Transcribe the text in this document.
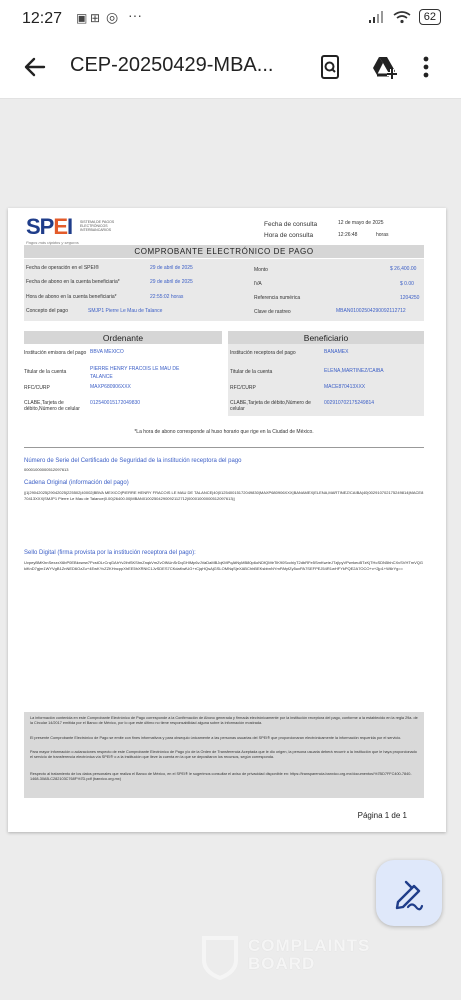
12:27 ▣ ⊞ ◎ ···	62
CEP-20250429-MBA...
SPEI SISTEMA DE PAGOS ELECTRÓNICOS INTERBANCARIOS
Pagos más rápidos y seguros
Fecha de consulta	12 de mayo de 2025
Hora de consulta	12:26:48	horas
COMPROBANTE ELECTRÓNICO DE PAGO
Fecha de operación en el SPEI®	29 de abril de 2025
Fecha de abono en la cuenta beneficiaria*	29 de abril de 2025
Hora de abono en la cuenta beneficiaria*	22:55:02 horas
Concepto del pago	SMJP1 Pierre Le Mau de Talance
Monto	$ 26,400.00
IVA	$ 0.00
Referencia numérica	1204250
Clave de rastreo	MBAN01002504290092112712
Ordenante	Beneficiario
Institución emisora del pago BBVA MEXICO
Titular de la cuenta	PIERRE HENRY FRACOIS LE MAU DE TALANCE
RFC/CURP	MAXP680906XXX
CLABE,Tarjeta de débito,Número de celular
012540015172049830
Institución receptora del pago	BANAMEX
Titular de la cuenta	ELENA,MARTINEZ/CAIBA
RFC/CURP	MACE870413XXX
CLABE,Tarjeta de débito,Número de celular
002910702175249814
*La hora de abono corresponde al huso horario que rige en la Ciudad de México.
Número de Serie del Certificado de Seguridad de la institución receptora del pago
00001000000512097613
Cadena Original (información del pago)
||1|29042025|29042025|225502|40002|BBVA MEXICO|PIERRE HENRY FRACOIS LE MAU DE TALANCE|40|012540015172049830|MAXP680906XXX|BANAMEX|ELENA,MARTINEZ/CAIBA|40|002910702175249814|MACE870413XXX|SMJP1 Pierre Le Mau de Talance|0.00|26400.00|MBAN01002504290092112712|00001000000512097613||
Sello Digital (firma provista por la institución receptora del pago):
UvpeyBMKhnSexzxX6bP0EBkxwrw7PcstOLrCrqGAhYv2ihtSKShnZnqkVmZvOlNUnSrDqGHIMp6vJVaDaMBJqKMPqAtNyMB80p6oNDfQMtrTiK90ScchiyT2dbRFe5SmKwrieJTzjlpyVPwrkeuBTzKjTHcSDN5hhCXvSVHTmVQGkiKnD7gjm1WYVgB1ZnNED6OzZu+4EwKYvZZKHncppXhEE5hXRNIC1JvSDES7CKdaKwfUG+rCjqHQsAjGSLOMNqSjeXABChhBEKsbbnNYmPAfyfZy5uxPA7SEFPEJ54R1wHFYkPQE2A7OCO+v+2jp1+W6rYg==

La información contenida en este Comprobante Electrónico de Pago corresponde a la Confirmación de Abono generada y firmada electrónicamente por la institución receptora del pago, conforme a la establecido en la regla 29a. de la Circular 14/2017 emitida por el Banco de México, por lo que este último no tiene responsabilidad alguna sobre la información mostrada.

El presente Comprobante Electrónico de Pago se emite con fines informativos y para obsequio únicamente a las personas usuarias del SPEI® que proporcionaran electrónicamente la información requerida por el servicio.

Para mayor información o aclaraciones respecto de este Comprobante Electrónico de Pago y/o de la Orden de Transferencia Aceptada que le dio origen, la persona usuaria deberá recurrir a la institución que le haya proporcionado el servicio de transferencia electrónica vía SPEI® o a la institución que lleve la cuenta en la que se depositaron los recursos, según corresponda.

Respecto al tratamiento de los datos personales que realiza el Banco de México, en el SPEI® le sugerimos consultar el aviso de privacidad disponible en: https://transparencia.banxico.org.mx/documentos/%7BD7FFC400-7840-1468-30AB-C282103C768F%7D.pdf (banxico.org.mx)

Página 1 de 1
COMPLAINTS
BOARD
